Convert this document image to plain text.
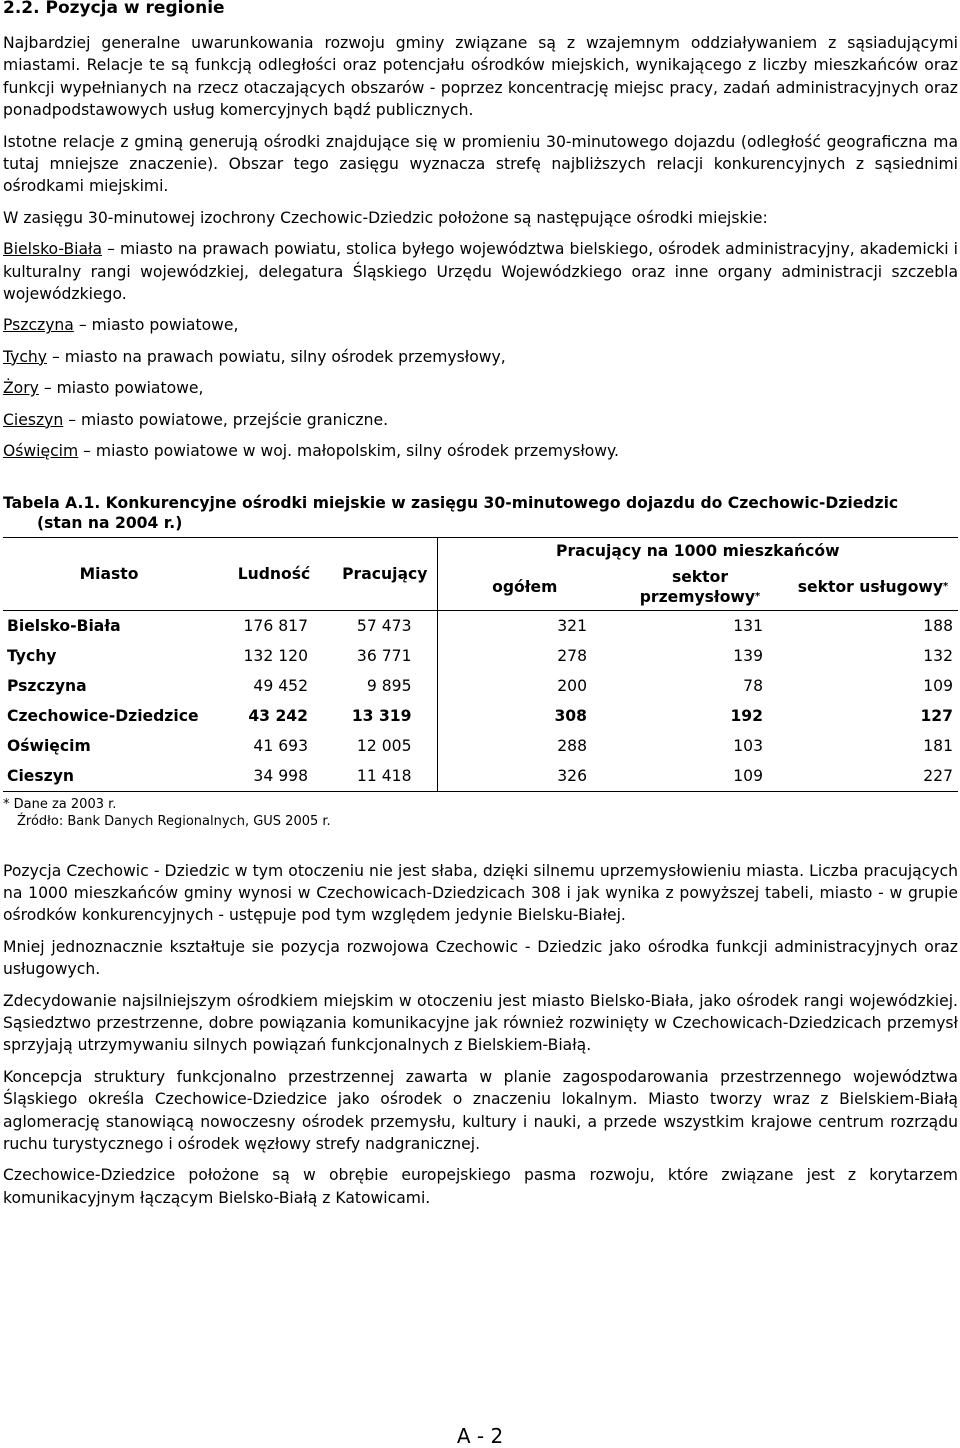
2.2. Pozycja w regionie

Najbardziej generalne uwarunkowania rozwoju gminy związane są z wzajemnym oddziaływaniem z sąsiadującymi miastami. Relacje te są funkcją odległości oraz potencjału ośrodków miejskich, wynikającego z liczby mieszkańców oraz funkcji wypełnianych na rzecz otaczających obszarów - poprzez koncentrację miejsc pracy, zadań administracyjnych oraz ponadpodstawowych usług komercyjnych bądź publicznych.

Istotne relacje z gminą generują ośrodki znajdujące się w promieniu 30-minutowego dojazdu (odległość geograficzna ma tutaj mniejsze znaczenie). Obszar tego zasięgu wyznacza strefę najbliższych relacji konkurencyjnych z sąsiednimi ośrodkami miejskimi.

W zasięgu 30-minutowej izochrony Czechowic-Dziedzic położone są następujące ośrodki miejskie:

Bielsko-Biała – miasto na prawach powiatu, stolica byłego województwa bielskiego, ośrodek administracyjny, akademicki i kulturalny rangi wojewódzkiej, delegatura Śląskiego Urzędu Wojewódzkiego oraz inne organy administracji szczebla wojewódzkiego.

Pszczyna – miasto powiatowe,

Tychy – miasto na prawach powiatu, silny ośrodek przemysłowy,

Żory – miasto powiatowe,

Cieszyn – miasto powiatowe, przejście graniczne.

Oświęcim – miasto powiatowe w woj. małopolskim, silny ośrodek przemysłowy.

Tabela A.1. Konkurencyjne ośrodki miejskie w zasięgu 30-minutowego dojazdu do Czechowic-Dziedzic
(stan na 2004 r.)
Miasto	Ludność	Pracujący	Pracujący na 1000 mieszkańców		
			ogółem	sektor przemysłowy*	sektor usługowy*
Bielsko-Biała	176 817	57 473	321	131	188
Tychy	132 120	36 771	278	139	132
Pszczyna	49 452	9 895	200	78	109
Czechowice-Dziedzice	43 242	13 319	308	192	127
Oświęcim	41 693	12 005	288	103	181
Cieszyn	34 998	11 418	326	109	227

* Dane za 2003 r.

Źródło: Bank Danych Regionalnych, GUS 2005 r.

Pozycja Czechowic - Dziedzic w tym otoczeniu nie jest słaba, dzięki silnemu uprzemysłowieniu miasta. Liczba pracujących na 1000 mieszkańców gminy wynosi w Czechowicach-Dziedzicach 308 i jak wynika z powyższej tabeli, miasto - w grupie ośrodków konkurencyjnych - ustępuje pod tym względem jedynie Bielsku-Białej.

Mniej jednoznacznie kształtuje sie pozycja rozwojowa Czechowic - Dziedzic jako ośrodka funkcji administracyjnych oraz usługowych.

Zdecydowanie najsilniejszym ośrodkiem miejskim w otoczeniu jest miasto Bielsko-Biała, jako ośrodek rangi wojewódzkiej. Sąsiedztwo przestrzenne, dobre powiązania komunikacyjne jak również rozwinięty w Czechowicach-Dziedzicach przemysł sprzyjają utrzymywaniu silnych powiązań funkcjonalnych z Bielskiem-Białą.

Koncepcja struktury funkcjonalno przestrzennej zawarta w planie zagospodarowania przestrzennego województwa Śląskiego określa Czechowice-Dziedzice jako ośrodek o znaczeniu lokalnym. Miasto tworzy wraz z Bielskiem-Białą aglomerację stanowiącą nowoczesny ośrodek przemysłu, kultury i nauki, a przede wszystkim krajowe centrum rozrządu ruchu turystycznego i ośrodek węzłowy strefy nadgranicznej.

Czechowice-Dziedzice położone są w obrębie europejskiego pasma rozwoju, które związane jest z korytarzem komunikacyjnym łączącym Bielsko-Białą z Katowicami.

A - 2
